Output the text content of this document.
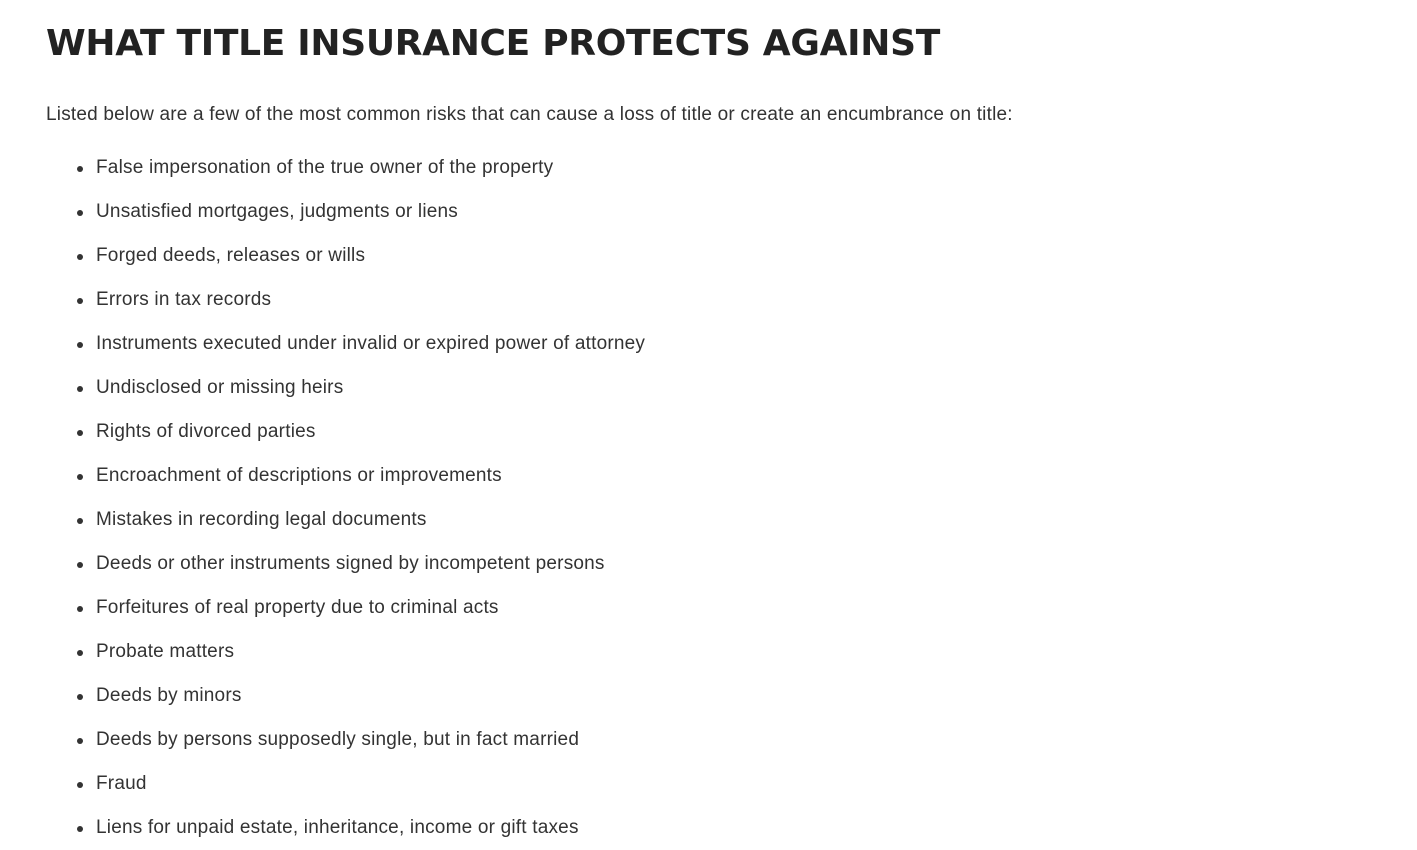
WHAT TITLE INSURANCE PROTECTS AGAINST

Listed below are a few of the most common risks that can cause a loss of title or create an encumbrance on title:

False impersonation of the true owner of the property
Unsatisfied mortgages, judgments or liens
Forged deeds, releases or wills
Errors in tax records
Instruments executed under invalid or expired power of attorney
Undisclosed or missing heirs
Rights of divorced parties
Encroachment of descriptions or improvements
Mistakes in recording legal documents
Deeds or other instruments signed by incompetent persons
Forfeitures of real property due to criminal acts
Probate matters
Deeds by minors
Deeds by persons supposedly single, but in fact married
Fraud
Liens for unpaid estate, inheritance, income or gift taxes
